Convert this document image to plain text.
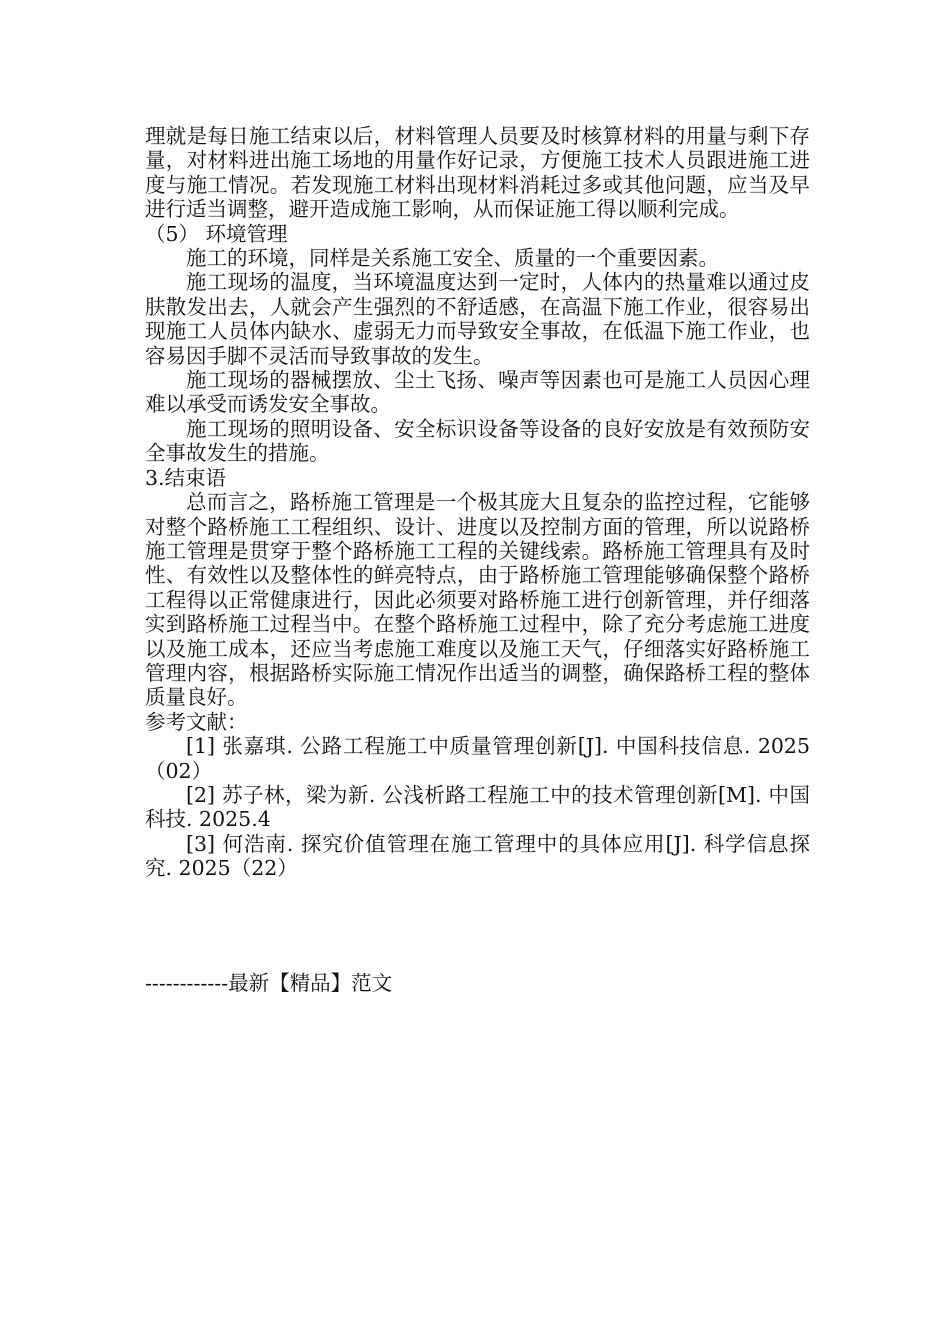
理就是每日施工结束以后，材料管理人员要及时核算材料的用量与剩下存量，对材料进出施工场地的用量作好记录，方便施工技术人员跟进施工进度与施工情况。若发现施工材料出现材料消耗过多或其他问题，应当及早进行适当调整，避开造成施工影响，从而保证施工得以顺利完成。

（5） 环境管理

施工的环境，同样是关系施工安全、质量的一个重要因素。

施工现场的温度，当环境温度达到一定时，人体内的热量难以通过皮肤散发出去，人就会产生强烈的不舒适感，在高温下施工作业，很容易出现施工人员体内缺水、虚弱无力而导致安全事故，在低温下施工作业，也容易因手脚不灵活而导致事故的发生。

施工现场的器械摆放、尘土飞扬、噪声等因素也可是施工人员因心理难以承受而诱发安全事故。

施工现场的照明设备、安全标识设备等设备的良好安放是有效预防安全事故发生的措施。

3.结束语

总而言之，路桥施工管理是一个极其庞大且复杂的监控过程，它能够对整个路桥施工工程组织、设计、进度以及控制方面的管理，所以说路桥施工管理是贯穿于整个路桥施工工程的关键线索。路桥施工管理具有及时性、有效性以及整体性的鲜亮特点，由于路桥施工管理能够确保整个路桥工程得以正常健康进行，因此必须要对路桥施工进行创新管理，并仔细落实到路桥施工过程当中。在整个路桥施工过程中，除了充分考虑施工进度以及施工成本，还应当考虑施工难度以及施工天气，仔细落实好路桥施工管理内容，根据路桥实际施工情况作出适当的调整，确保路桥工程的整体质量良好。

参考文献：

[1] 张嘉琪. 公路工程施工中质量管理创新[J]. 中国科技信息. 2025（02）

[2] 苏子林，梁为新. 公浅析路工程施工中的技术管理创新[M]. 中国科技. 2025.4

[3] 何浩南. 探究价值管理在施工管理中的具体应用[J]. 科学信息探究. 2025（22）

------------最新【精品】范文
